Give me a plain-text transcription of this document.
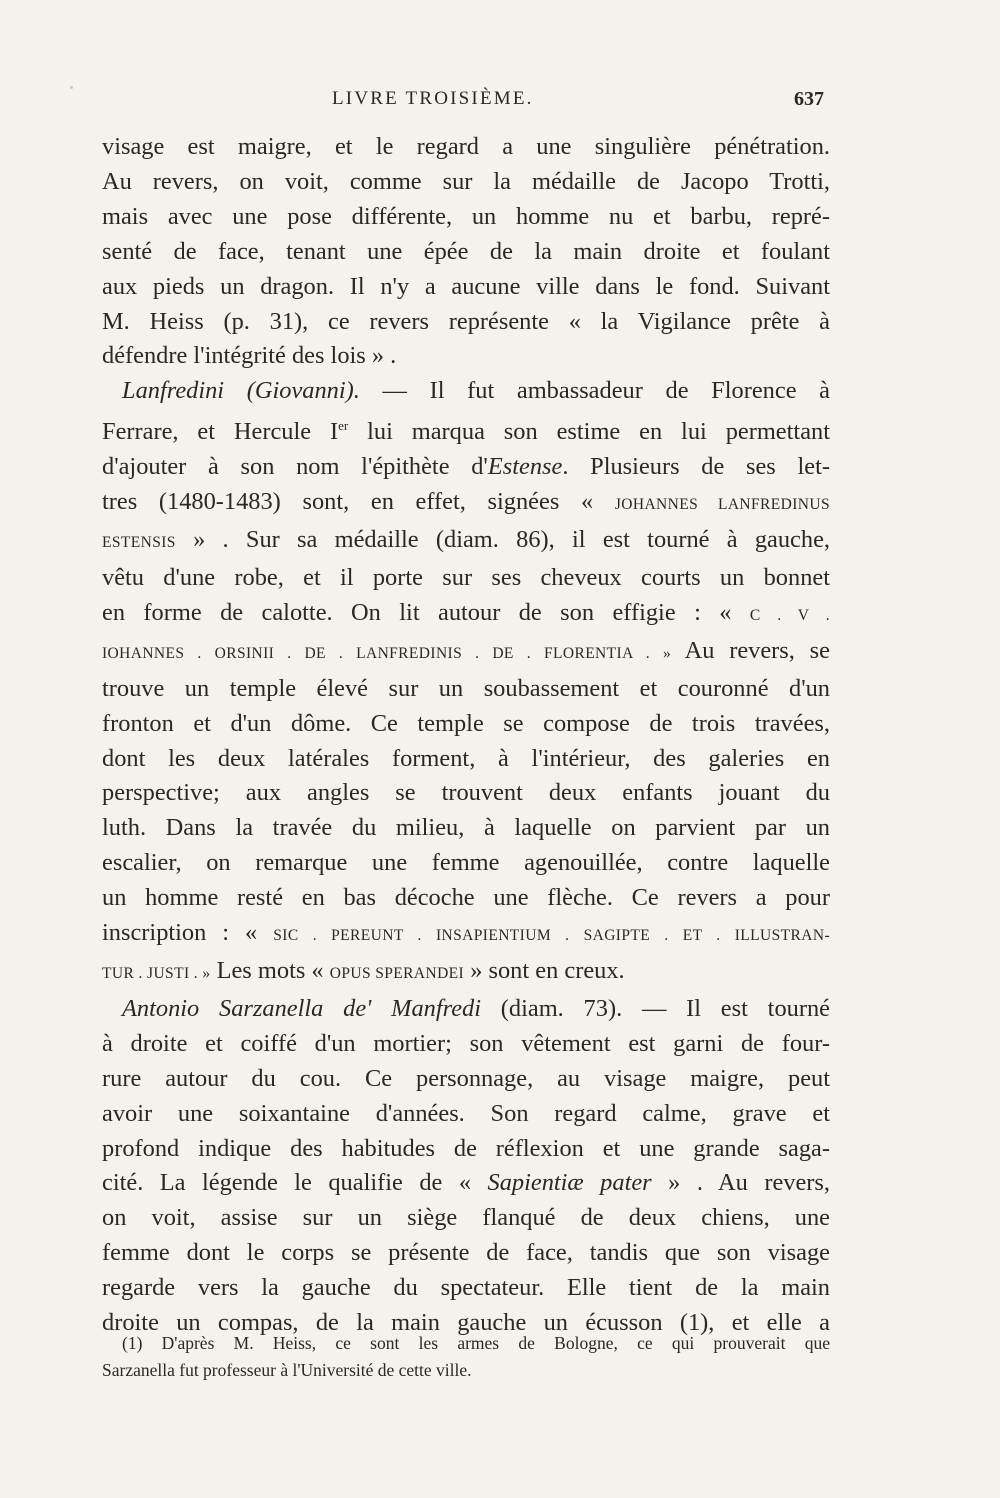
LIVRE TROISIÈME.	637
visage est maigre, et le regard a une singulière pénétration.
Au revers, on voit, comme sur la médaille de Jacopo Trotti,
mais avec une pose différente, un homme nu et barbu, repré-
senté de face, tenant une épée de la main droite et foulant
aux pieds un dragon. Il n'y a aucune ville dans le fond. Suivant
M. Heiss (p. 31), ce revers représente « la Vigilance prête à
défendre l'intégrité des lois » .
Lanfredini (Giovanni). — Il fut ambassadeur de Florence à
Ferrare, et Hercule Ier lui marqua son estime en lui permettant
d'ajouter à son nom l'épithète d'Estense. Plusieurs de ses let-
tres (1480-1483) sont, en effet, signées « JOHANNES LANFREDINUS
ESTENSIS » . Sur sa médaille (diam. 86), il est tourné à gauche,
vêtu d'une robe, et il porte sur ses cheveux courts un bonnet
en forme de calotte. On lit autour de son effigie : « C . V .
IOHANNES . ORSINII . DE . LANFREDINIS . DE . FLORENTIA . » Au revers, se
trouve un temple élevé sur un soubassement et couronné d'un
fronton et d'un dôme. Ce temple se compose de trois travées,
dont les deux latérales forment, à l'intérieur, des galeries en
perspective; aux angles se trouvent deux enfants jouant du
luth. Dans la travée du milieu, à laquelle on parvient par un
escalier, on remarque une femme agenouillée, contre laquelle
un homme resté en bas décoche une flèche. Ce revers a pour
inscription : « SIC . PEREUNT . INSAPIENTIUM . SAGIPTE . ET . ILLUSTRAN-
TUR . JUSTI . » Les mots « OPUS SPERANDEI » sont en creux.
Antonio Sarzanella de' Manfredi (diam. 73). — Il est tourné
à droite et coiffé d'un mortier; son vêtement est garni de four-
rure autour du cou. Ce personnage, au visage maigre, peut
avoir une soixantaine d'années. Son regard calme, grave et
profond indique des habitudes de réflexion et une grande saga-
cité. La légende le qualifie de « Sapientiæ pater » . Au revers,
on voit, assise sur un siège flanqué de deux chiens, une
femme dont le corps se présente de face, tandis que son visage
regarde vers la gauche du spectateur. Elle tient de la main
droite un compas, de la main gauche un écusson (1), et elle a
(1) D'après M. Heiss, ce sont les armes de Bologne, ce qui prouverait que
Sarzanella fut professeur à l'Université de cette ville.
